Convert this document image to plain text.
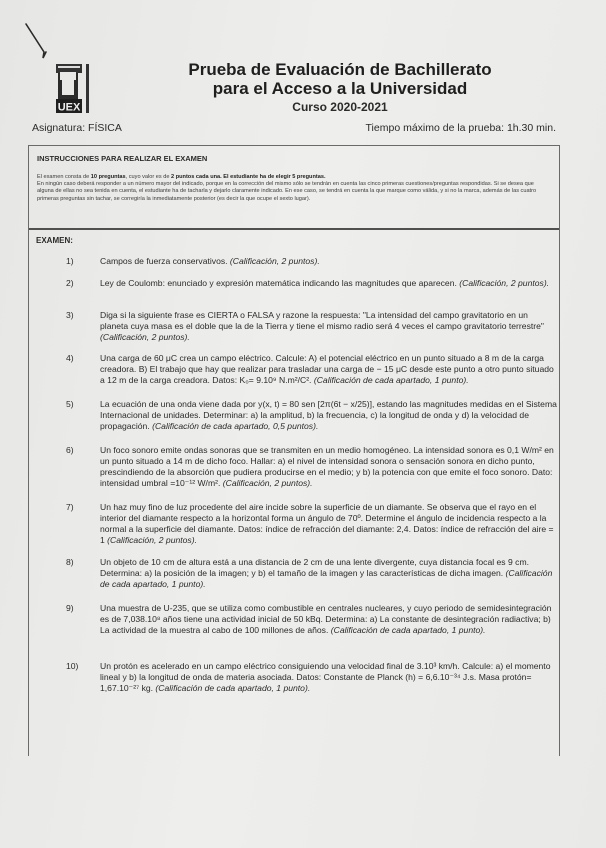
UEX
Prueba de Evaluación de Bachillerato
para el Acceso a la Universidad
Curso 2020-2021
Asignatura: FÍSICA	Tiempo máximo de la prueba: 1h.30 min.
INSTRUCCIONES PARA REALIZAR EL EXAMEN
El examen consta de 10 preguntas, cuyo valor es de 2 puntos cada una. El estudiante ha de elegir 5 preguntas.
En ningún caso deberá responder a un número mayor del indicado, porque en la corrección del mismo sólo se tendrán en cuenta las cinco primeras cuestiones/preguntas respondidas. Si se desea que alguna de ellas no sea tenida en cuenta, el estudiante ha de tacharla y dejarlo claramente indicado. En ese caso, se tendrá en cuenta la que marque como válida, y si no la marca, además de las cuatro primeras preguntas sin tachar, se corregiría la inmediatamente posterior (es decir la que ocupe el sexto lugar).
EXAMEN:
1)	Campos de fuerza conservativos. (Calificación, 2 puntos).
2)	Ley de Coulomb: enunciado y expresión matemática indicando las magnitudes que aparecen. (Calificación, 2 puntos).
3)	Diga si la siguiente frase es CIERTA o FALSA y razone la respuesta: "La intensidad del campo gravitatorio en un planeta cuya masa es el doble que la de la Tierra y tiene el mismo radio será 4 veces el campo gravitatorio terrestre" (Calificación, 2 puntos).
4)	Una carga de 60 μC crea un campo eléctrico. Calcule: A) el potencial eléctrico en un punto situado a 8 m de la carga creadora. B) El trabajo que hay que realizar para trasladar una carga de − 15 μC desde este punto a otro punto situado a 12 m de la carga creadora. Datos: K₀= 9.10⁹ N.m²/C². (Calificación de cada apartado, 1 punto).
5)	La ecuación de una onda viene dada por y(x, t) = 80 sen [2π(6t − x/25)], estando las magnitudes medidas en el Sistema Internacional de unidades. Determinar: a) la amplitud, b) la frecuencia, c) la longitud de onda y d) la velocidad de propagación. (Calificación de cada apartado, 0,5 puntos).
6)	Un foco sonoro emite ondas sonoras que se transmiten en un medio homogéneo. La intensidad sonora es 0,1 W/m² en un punto situado a 14 m de dicho foco. Hallar: a) el nivel de intensidad sonora o sensación sonora en dicho punto, prescindiendo de la absorción que pudiera producirse en el medio; y b) la potencia con que emite el foco sonoro. Dato: intensidad umbral =10⁻¹² W/m². (Calificación, 2 puntos).
7)	Un haz muy fino de luz procedente del aire incide sobre la superficie de un diamante. Se observa que el rayo en el interior del diamante respecto a la horizontal forma un ángulo de 70º. Determine el ángulo de incidencia respecto a la normal a la superficie del diamante. Datos: índice de refracción del diamante: 2,4. Datos: índice de refracción del aire = 1 (Calificación, 2 puntos).
8)	Un objeto de 10 cm de altura está a una distancia de 2 cm de una lente divergente, cuya distancia focal es 9 cm. Determina: a) la posición de la imagen; y b) el tamaño de la imagen y las características de dicha imagen. (Calificación de cada apartado, 1 punto).
9)	Una muestra de U-235, que se utiliza como combustible en centrales nucleares, y cuyo periodo de semidesintegración es de 7,038.10⁸ años tiene una actividad inicial de 50 kBq. Determina: a) La constante de desintegración radiactiva; b) La actividad de la muestra al cabo de 100 millones de años. (Calificación de cada apartado, 1 punto).
10)	Un protón es acelerado en un campo eléctrico consiguiendo una velocidad final de 3.10³ km/h. Calcule: a) el momento lineal y b) la longitud de onda de materia asociada. Datos: Constante de Planck (h) = 6,6.10⁻³⁴ J.s. Masa protón= 1,67.10⁻²⁷ kg. (Calificación de cada apartado, 1 punto).
